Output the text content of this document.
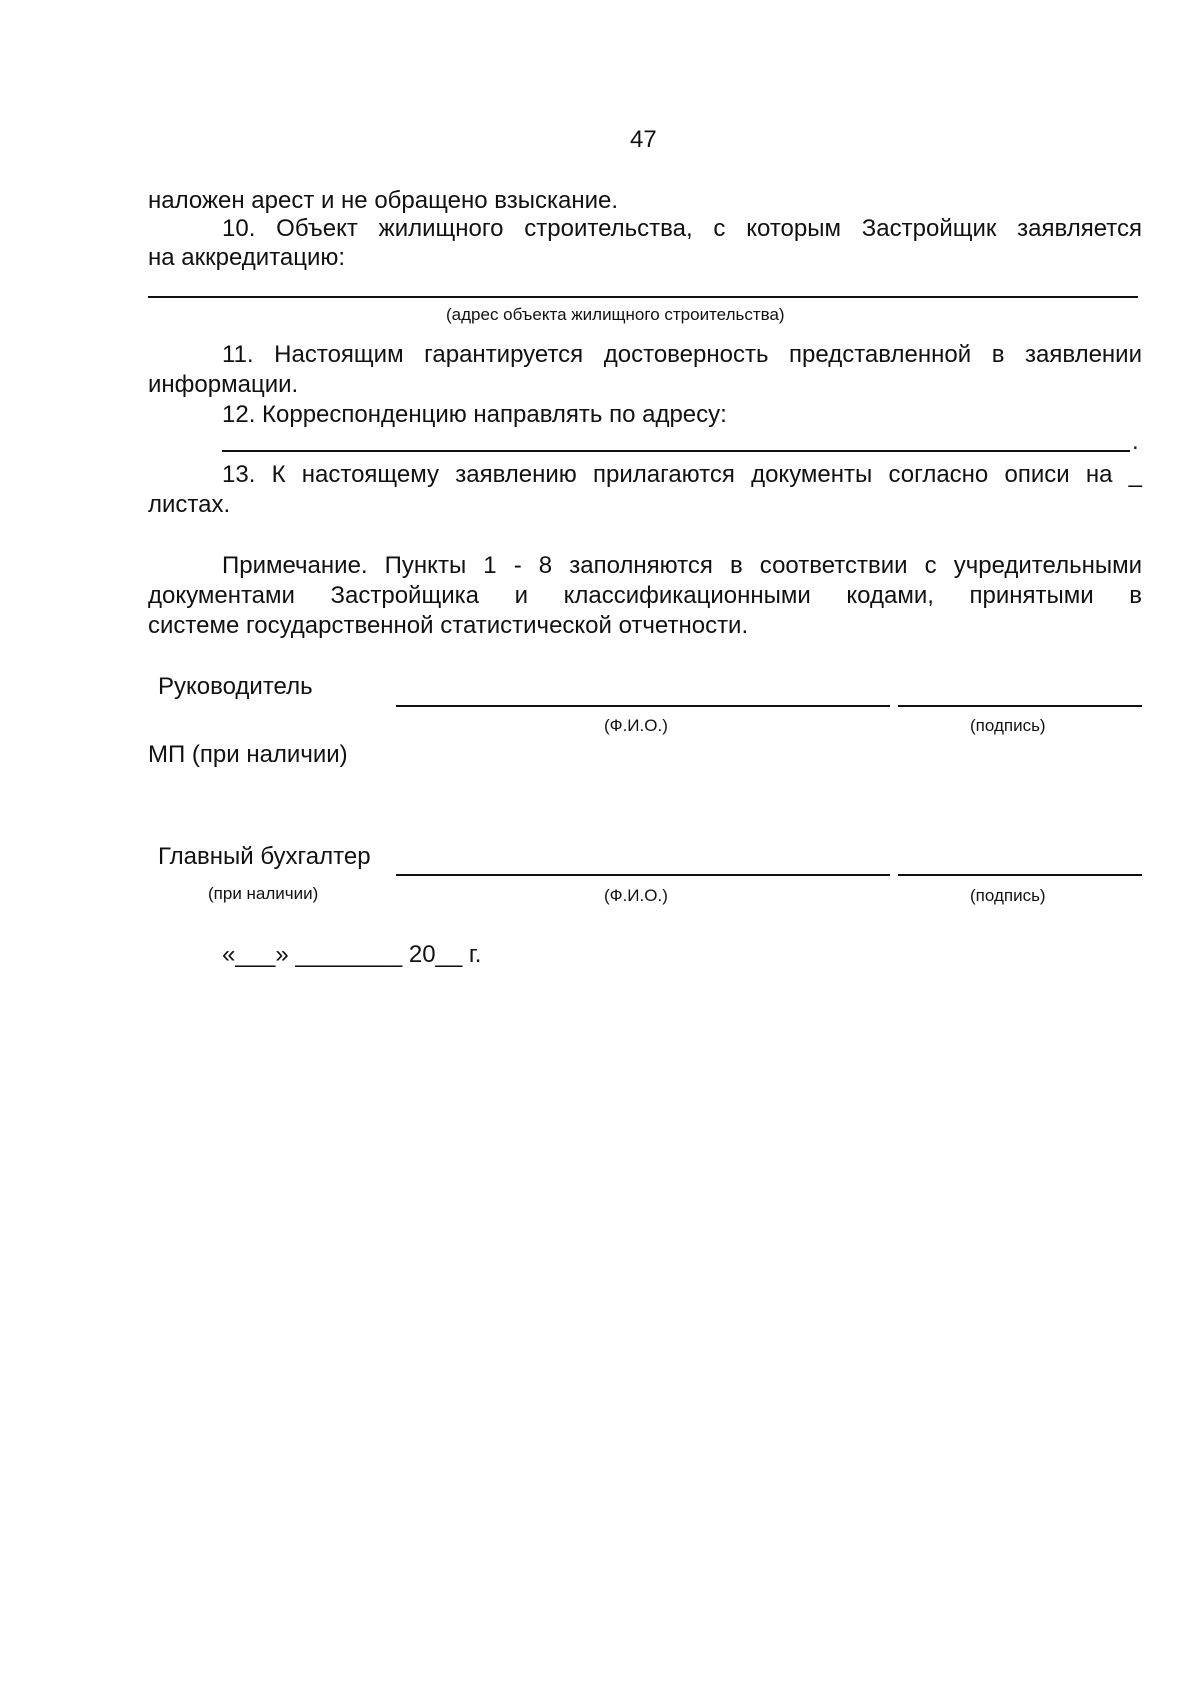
47
наложен арест и не обращено взыскание.
10. Объект жилищного строительства, с которым Застройщик заявляется
на аккредитацию:
(адрес объекта жилищного строительства)
11. Настоящим гарантируется достоверность представленной в заявлении
информации.
12. Корреспонденцию направлять по адресу:
.
13. К настоящему заявлению прилагаются документы согласно описи на _
листах.
Примечание. Пункты 1 - 8 заполняются в соответствии с учредительными
документами Застройщика и классификационными кодами, принятыми в
системе государственной статистической отчетности.
Руководитель
(Ф.И.О.)	(подпись)
МП (при наличии)
Главный бухгалтер
(при наличии)	(Ф.И.О.)	(подпись)
«___» ________ 20__ г.
